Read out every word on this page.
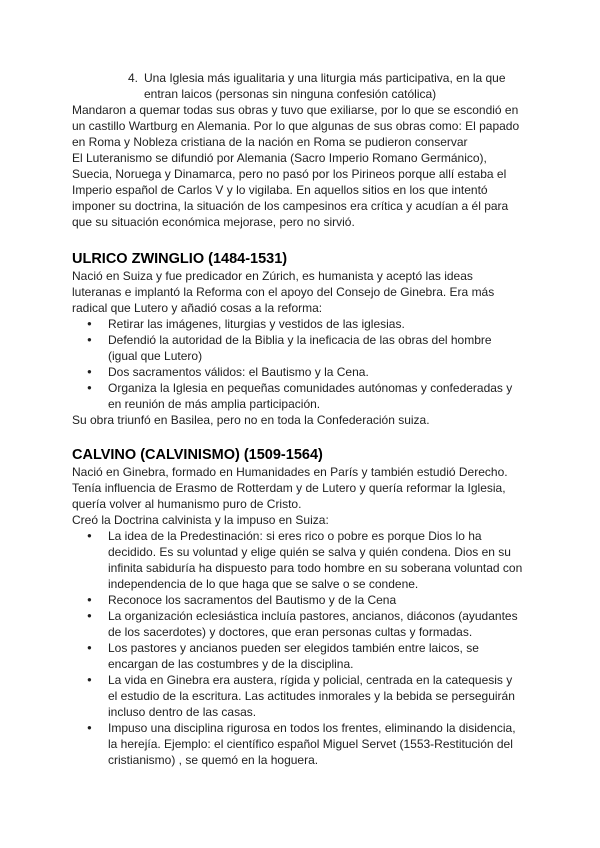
4. Una Iglesia más igualitaria y una liturgia más participativa, en la que entran laicos (personas sin ninguna confesión católica)

Mandaron a quemar todas sus obras y tuvo que exiliarse, por lo que se escondió en un castillo Wartburg en Alemania. Por lo que algunas de sus obras como: El papado en Roma y Nobleza cristiana de la nación en Roma se pudieron conservar

El Luteranismo se difundió por Alemania (Sacro Imperio Romano Germánico), Suecia, Noruega y Dinamarca, pero no pasó por los Pirineos porque allí estaba el Imperio español de Carlos V y lo vigilaba. En aquellos sitios en los que intentó imponer su doctrina, la situación de los campesinos era crítica y acudían a él para que su situación económica mejorase, pero no sirvió.

ULRICO ZWINGLIO (1484-1531)

Nació en Suiza y fue predicador en Zúrich, es humanista y aceptó las ideas luteranas e implantó la Reforma con el apoyo del Consejo de Ginebra. Era más radical que Lutero y añadió cosas a la reforma:

● Retirar las imágenes, liturgias y vestidos de las iglesias.
● Defendió la autoridad de la Biblia y la ineficacia de las obras del hombre (igual que Lutero)
● Dos sacramentos válidos: el Bautismo y la Cena.
● Organiza la Iglesia en pequeñas comunidades autónomas y confederadas y en reunión de más amplia participación.

Su obra triunfó en Basilea, pero no en toda la Confederación suiza.

CALVINO (CALVINISMO) (1509-1564)

Nació en Ginebra, formado en Humanidades en París y también estudió Derecho. Tenía influencia de Erasmo de Rotterdam y de Lutero y quería reformar la Iglesia, quería volver al humanismo puro de Cristo.

Creó la Doctrina calvinista y la impuso en Suiza:

● La idea de la Predestinación: si eres rico o pobre es porque Dios lo ha decidido. Es su voluntad y elige quién se salva y quién condena. Dios en su infinita sabiduría ha dispuesto para todo hombre en su soberana voluntad con independencia de lo que haga que se salve o se condene.
● Reconoce los sacramentos del Bautismo y de la Cena
● La organización eclesiástica incluía pastores, ancianos, diáconos (ayudantes de los sacerdotes) y doctores, que eran personas cultas y formadas.
● Los pastores y ancianos pueden ser elegidos también entre laicos, se encargan de las costumbres y de la disciplina.
● La vida en Ginebra era austera, rígida y policial, centrada en la catequesis y el estudio de la escritura. Las actitudes inmorales y la bebida se perseguirán incluso dentro de las casas.
● Impuso una disciplina rigurosa en todos los frentes, eliminando la disidencia, la herejía. Ejemplo: el científico español Miguel Servet (1553-Restitución del cristianismo) , se quemó en la hoguera.
